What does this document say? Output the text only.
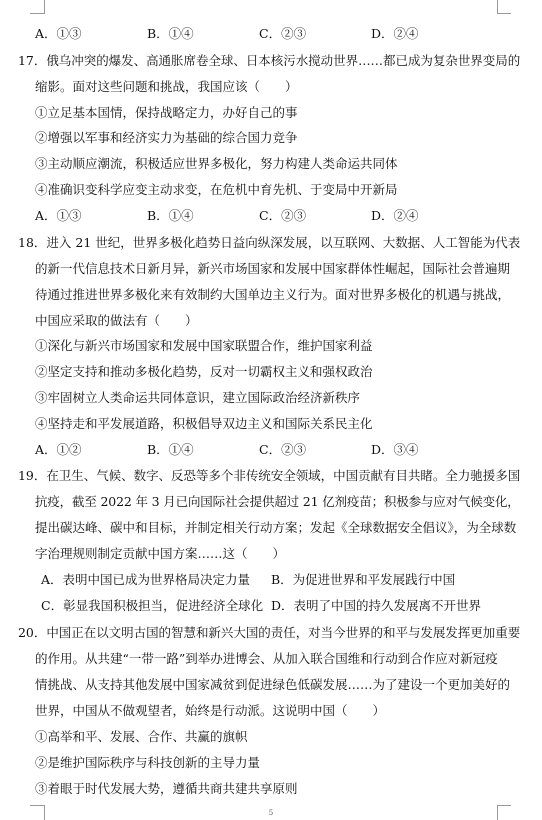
A．①③	B．①④	C．②③	D．②④
17．俄乌冲突的爆发、高通胀席卷全球、日本核污水搅动世界……都已成为复杂世界变局的
缩影。面对这些问题和挑战，我国应该（　　）
①立足基本国情，保持战略定力，办好自己的事
②增强以军事和经济实力为基础的综合国力竞争
③主动顺应潮流，积极适应世界多极化，努力构建人类命运共同体
④准确识变科学应变主动求变，在危机中育先机、于变局中开新局
A．①③	B．①④	C．②③	D．②④
18．进入 21 世纪，世界多极化趋势日益向纵深发展，以互联网、大数据、人工智能为代表
的新一代信息技术日新月异，新兴市场国家和发展中国家群体性崛起，国际社会普遍期
待通过推进世界多极化来有效制约大国单边主义行为。面对世界多极化的机遇与挑战，
中国应采取的做法有（　　）
①深化与新兴市场国家和发展中国家联盟合作，维护国家利益
②坚定支持和推动多极化趋势，反对一切霸权主义和强权政治
③牢固树立人类命运共同体意识，建立国际政治经济新秩序
④坚持走和平发展道路，积极倡导双边主义和国际关系民主化
A．①②	B．①④	C．②③	D．③④
19．在卫生、气候、数字、反恐等多个非传统安全领域，中国贡献有目共睹。全力驰援多国
抗疫，截至 2022 年 3 月已向国际社会提供超过 21 亿剂疫苗；积极参与应对气候变化，
提出碳达峰、碳中和目标，并制定相关行动方案；发起《全球数据安全倡议》，为全球数
字治理规则制定贡献中国方案……这（　　）
A．表明中国已成为世界格局决定力量 B．为促进世界和平发展践行中国
C．彰显我国积极担当，促进经济全球化 D．表明了中国的持久发展离不开世界
20．中国正在以文明古国的智慧和新兴大国的责任，对当今世界的和平与发展发挥更加重要
的作用。从共建“一带一路”到举办进博会、从加入联合国维和行动到合作应对新冠疫
情挑战、从支持其他发展中国家减贫到促进绿色低碳发展……为了建设一个更加美好的
世界，中国从不做观望者，始终是行动派。这说明中国（　　）
①高举和平、发展、合作、共赢的旗帜
②是维护国际秩序与科技创新的主导力量
③着眼于时代发展大势，遵循共商共建共享原则
5
